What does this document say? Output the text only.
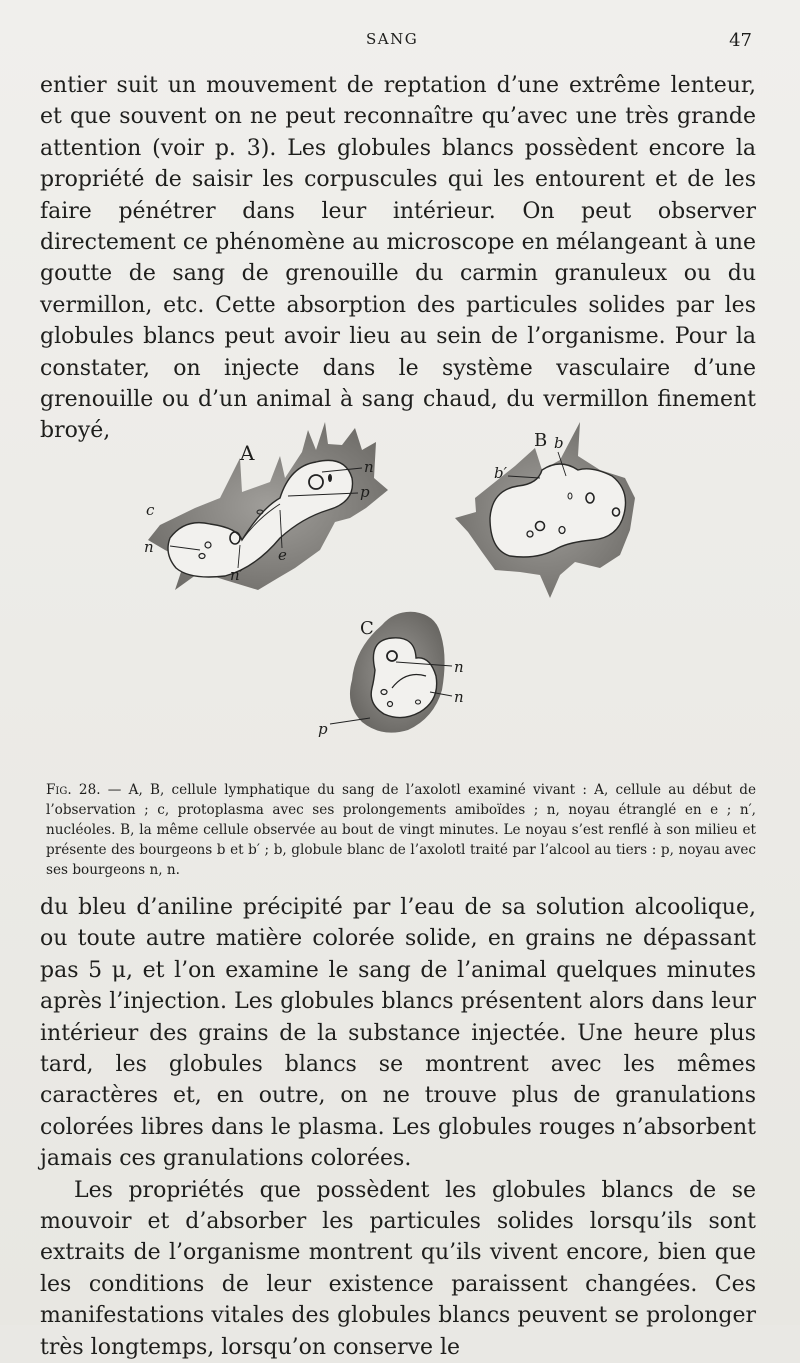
SANG	47

entier suit un mouvement de reptation d’une extrême lenteur, et que souvent on ne peut reconnaître qu’avec une très grande attention (voir p. 3). Les globules blancs possèdent encore la propriété de saisir les corpuscules qui les entourent et de les faire pénétrer dans leur intérieur. On peut observer directement ce phénomène au microscope en mélangeant à une goutte de sang de grenouille du carmin granuleux ou du vermillon, etc. Cette absorption des particules solides par les globules blancs peut avoir lieu au sein de l’organisme. Pour la constater, on injecte dans le système vasculaire d’une grenouille ou d’un animal à sang chaud, du vermillon finement broyé,

A
n
p
c
n	e
n′
B b
b′
C
n
n
p
Fig. 28. — A, B, cellule lymphatique du sang de l’axolotl examiné vivant : A, cellule au début de l’observation ; c, protoplasma avec ses prolongements amiboïdes ; n, noyau étranglé en e ; n′, nucléoles. B, la même cellule observée au bout de vingt minutes. Le noyau s’est renflé à son milieu et présente des bourgeons b et b′ ; b, globule blanc de l’axolotl traité par l’alcool au tiers : p, noyau avec ses bourgeons n, n.

du bleu d’aniline précipité par l’eau de sa solution alcoolique, ou toute autre matière colorée solide, en grains ne dépassant pas 5 μ, et l’on examine le sang de l’animal quelques minutes après l’injection. Les globules blancs présentent alors dans leur intérieur des grains de la substance injectée. Une heure plus tard, les globules blancs se montrent avec les mêmes caractères et, en outre, on ne trouve plus de granulations colorées libres dans le plasma. Les globules rouges n’absorbent jamais ces granulations colorées.

Les propriétés que possèdent les globules blancs de se mouvoir et d’absorber les particules solides lorsqu’ils sont extraits de l’organisme montrent qu’ils vivent encore, bien que les conditions de leur existence paraissent changées. Ces manifestations vitales des globules blancs peuvent se prolonger très longtemps, lorsqu’on conserve le
